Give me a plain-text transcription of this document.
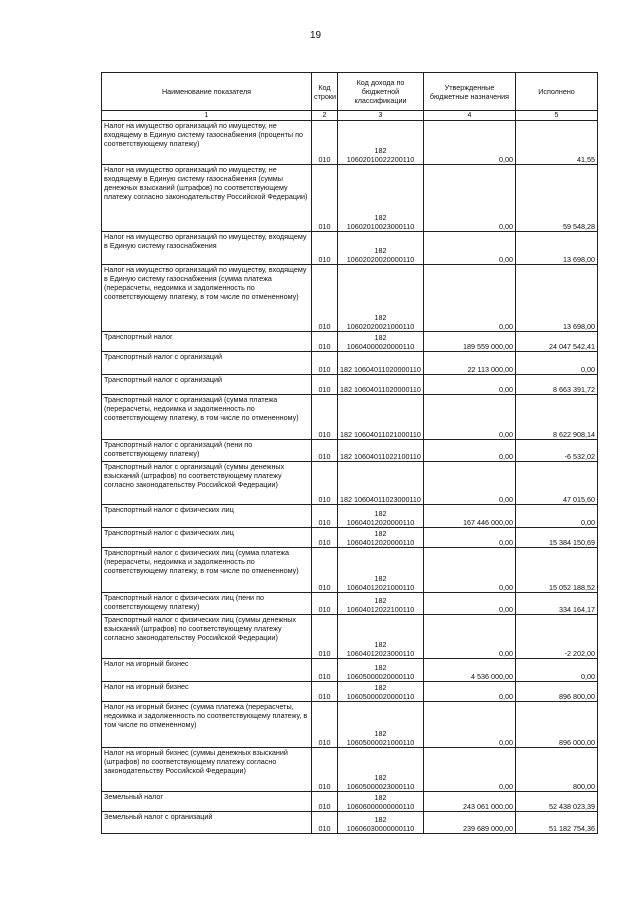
19
Наименование показателя	Код строки	Код дохода по бюджетной классификации	Утвержденные бюджетные назначения	Исполнено
1	2	3	4	5
Налог на имущество организаций по имуществу, не входящему в Единую систему газоснабжения (проценты по соответствующему платежу)	010	182 10602010022200110	0,00	41,55
Налог на имущество организаций по имуществу, не входящему в Единую систему газоснабжения (суммы денежных взысканий (штрафов) по соответствующему платежу согласно законодательству Российской Федерации)	010	182 10602010023000110	0,00	59 548,28
Налог на имущество организаций по имуществу, входящему в Единую систему газоснабжения	010	182 10602020020000110	0,00	13 698,00
Налог на имущество организаций по имуществу, входящему в Единую систему газоснабжения (сумма платежа (перерасчеты, недоимка и задолженность по соответствующему платежу, в том числе по отмененному)	010	182 10602020021000110	0,00	13 698,00
Транспортный налог	010	182 10604000020000110	189 559 000,00	24 047 542,41
Транспортный налог с организаций	010	182 10604011020000110	22 113 000,00	0,00
Транспортный налог с организаций	010	182 10604011020000110	0,00	8 663 391,72
Транспортный налог с организаций (сумма платежа (перерасчеты, недоимка и задолженность по соответствующему платежу, в том числе по отмененному)	010	182 10604011021000110	0,00	8 622 908,14
Транспортный налог с организаций (пени по соответствующему платежу)	010	182 10604011022100110	0,00	-6 532,02
Транспортный налог с организаций (суммы денежных взысканий (штрафов) по соответствующему платежу согласно законодательству Российской Федерации)	010	182 10604011023000110	0,00	47 015,60
Транспортный налог с физических лиц	010	182 10604012020000110	167 446 000,00	0,00
Транспортный налог с физических лиц	010	182 10604012020000110	0,00	15 384 150,69
Транспортный налог с физических лиц (сумма платежа (перерасчеты, недоимка и задолженность по соответствующему платежу, в том числе по отмененному)	010	182 10604012021000110	0,00	15 052 188,52
Транспортный налог с физических лиц (пени по соответствующему платежу)	010	182 10604012022100110	0,00	334 164,17
Транспортный налог с физических лиц (суммы денежных взысканий (штрафов) по соответствующему платежу согласно законодательству Российской Федерации)	010	182 10604012023000110	0,00	-2 202,00
Налог на игорный бизнес	010	182 10605000020000110	4 536 000,00	0,00
Налог на игорный бизнес	010	182 10605000020000110	0,00	896 800,00
Налог на игорный бизнес (сумма платежа (перерасчеты, недоимка и задолженность по соответствующему платежу, в том числе по отмененному)	010	182 10605000021000110	0,00	896 000,00
Налог на игорный бизнес (суммы денежных взысканий (штрафов) по соответствующему платежу согласно законодательству Российской Федерации)	010	182 10605000023000110	0,00	800,00
Земельный налог	010	182 10606000000000110	243 061 000,00	52 438 023,39
Земельный налог с организаций	010	182 10606030000000110	239 689 000,00	51 182 754,36
